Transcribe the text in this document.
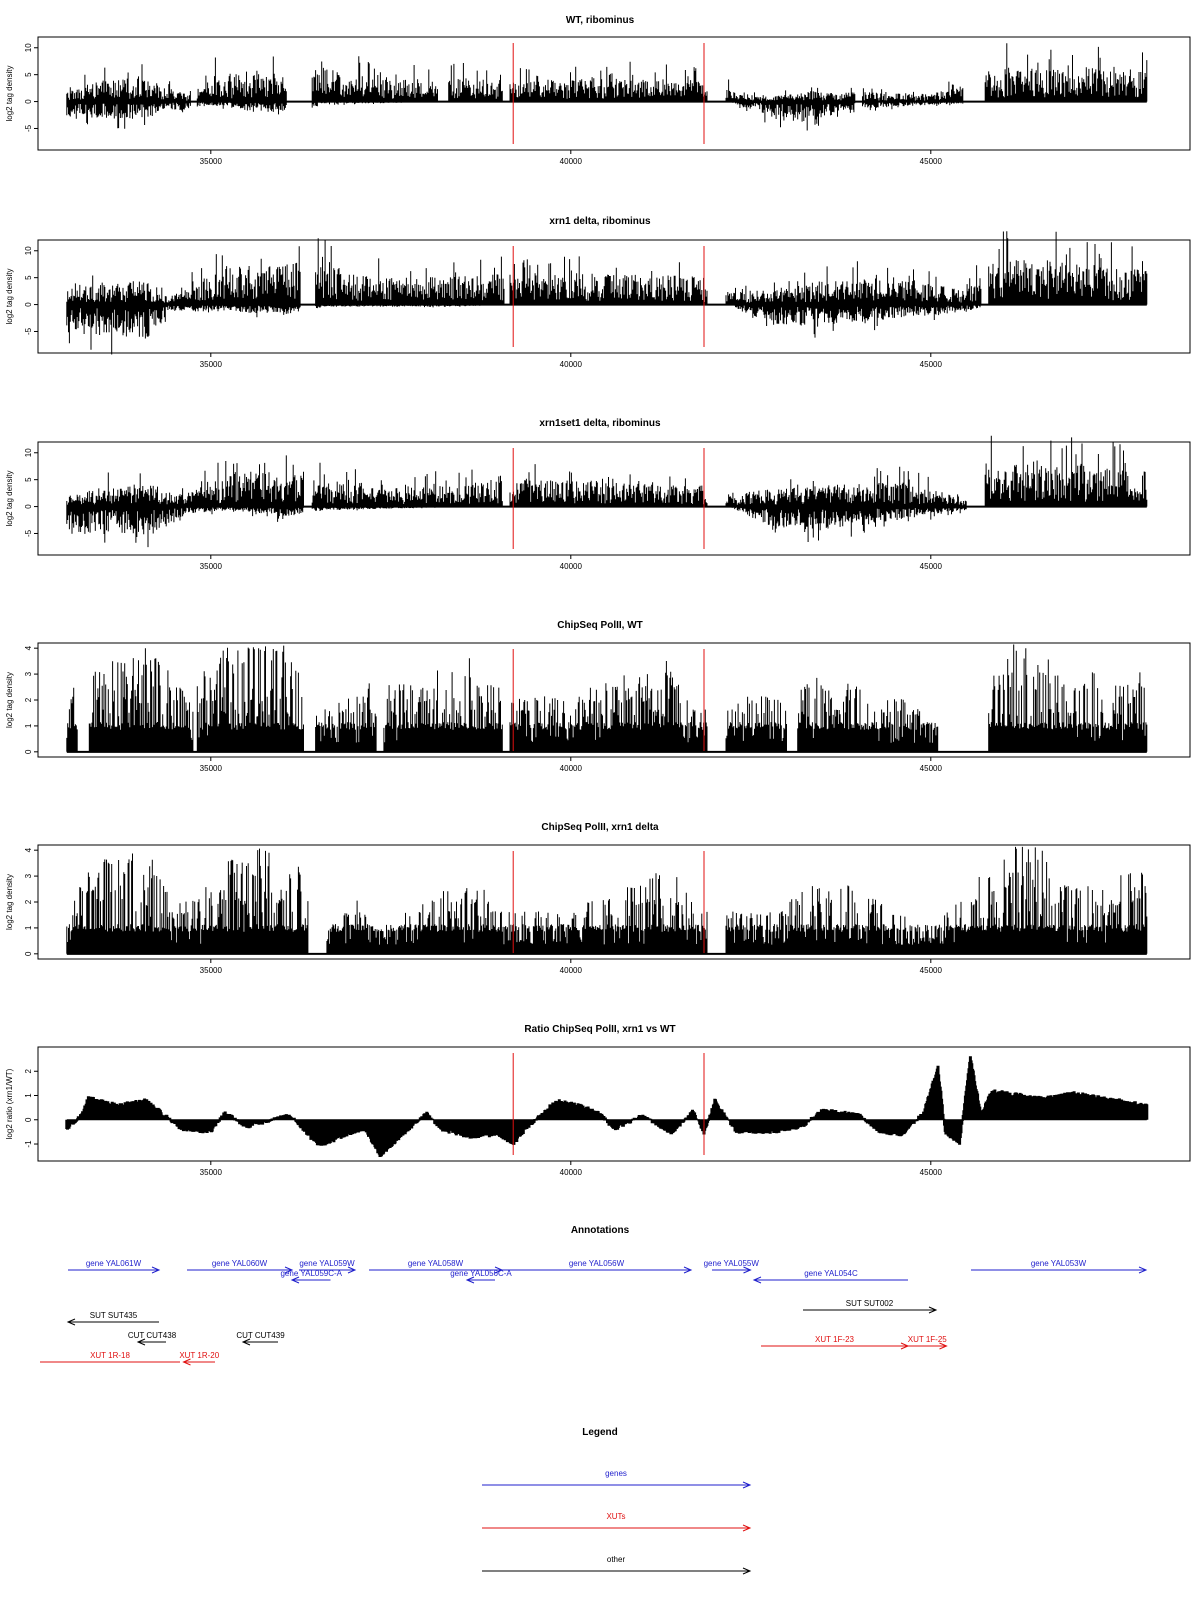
WT, ribominus
35000	40000	45000
10
5
0
-5
log2 tag density
xrn1 delta, ribominus
35000	40000	45000
10
5
0
-5
log2 tag density
xrn1set1 delta, ribominus
35000	40000	45000
10
5
0
-5
log2 tag density
ChipSeq PolII, WT
35000	40000	45000
4
3
2
1
0
log2 tag density
ChipSeq PolII, xrn1 delta
35000	40000	45000
4
3
2
1
0
log2 tag density
Ratio ChipSeq PolII, xrn1 vs WT
35000	40000	45000
2
1
0
-1
log2 ratio (xrn1/WT)
Annotations
gene YAL061W	gene YAL060W	gene YAL059W
gene YAL059C-A
gene YAL058W
gene YAL056C-A
gene YAL056W	gene YAL055W
gene YAL054C
gene YAL053W
SUT SUT435
CUT CUT438	CUT CUT439
SUT SUT002
XUT 1R-18	XUT 1R-20
XUT 1F-23	XUT 1F-25
Legend
genes
XUTs
other
